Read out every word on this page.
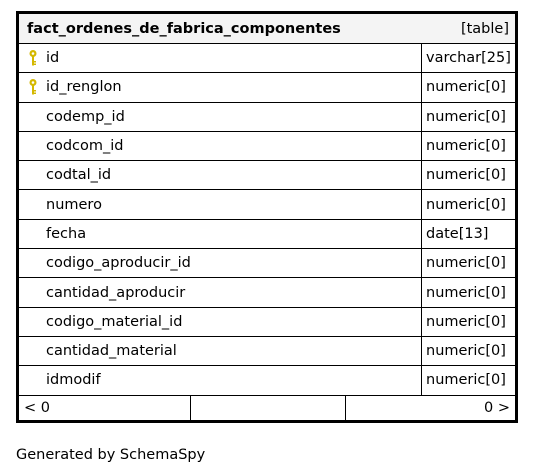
fact_ordenes_de_fabrica_componentes	[table]
id	varchar[25]
id_renglon	numeric[0]
codemp_id	numeric[0]
codcom_id	numeric[0]
codtal_id	numeric[0]
numero	numeric[0]
fecha	date[13]
codigo_aproducir_id	numeric[0]
cantidad_aproducir	numeric[0]
codigo_material_id	numeric[0]
cantidad_material	numeric[0]
idmodif	numeric[0]
< 0	0 >
Generated by SchemaSpy
